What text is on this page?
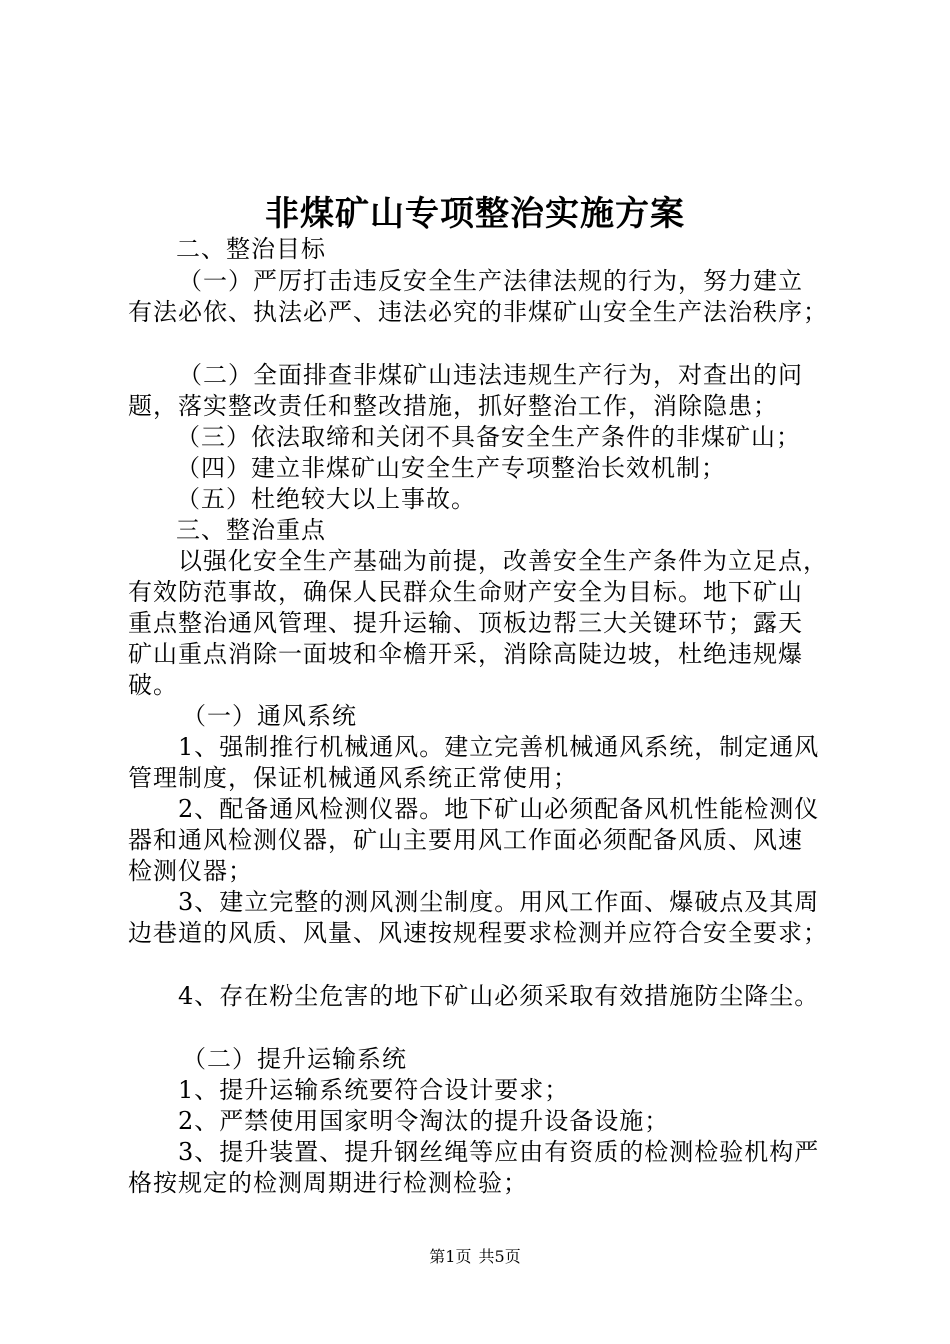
非煤矿山专项整治实施方案
二、整治目标
（一）严厉打击违反安全生产法律法规的行为，努力建立
有法必依、执法必严、违法必究的非煤矿山安全生产法治秩序；
（二）全面排查非煤矿山违法违规生产行为，对查出的问
题，落实整改责任和整改措施，抓好整治工作，消除隐患；
（三）依法取缔和关闭不具备安全生产条件的非煤矿山；
（四）建立非煤矿山安全生产专项整治长效机制；
（五）杜绝较大以上事故。
三、整治重点
以强化安全生产基础为前提，改善安全生产条件为立足点，
有效防范事故，确保人民群众生命财产安全为目标。地下矿山
重点整治通风管理、提升运输、顶板边帮三大关键环节；露天
矿山重点消除一面坡和伞檐开采，消除高陡边坡，杜绝违规爆
破。
（一）通风系统
1、强制推行机械通风。建立完善机械通风系统，制定通风
管理制度，保证机械通风系统正常使用；
2、配备通风检测仪器。地下矿山必须配备风机性能检测仪
器和通风检测仪器，矿山主要用风工作面必须配备风质、风速
检测仪器；
3、建立完整的测风测尘制度。用风工作面、爆破点及其周
边巷道的风质、风量、风速按规程要求检测并应符合安全要求；
4、存在粉尘危害的地下矿山必须采取有效措施防尘降尘。
（二）提升运输系统
1、提升运输系统要符合设计要求；
2、严禁使用国家明令淘汰的提升设备设施；
3、提升装置、提升钢丝绳等应由有资质的检测检验机构严
格按规定的检测周期进行检测检验；
第1页 共5页
